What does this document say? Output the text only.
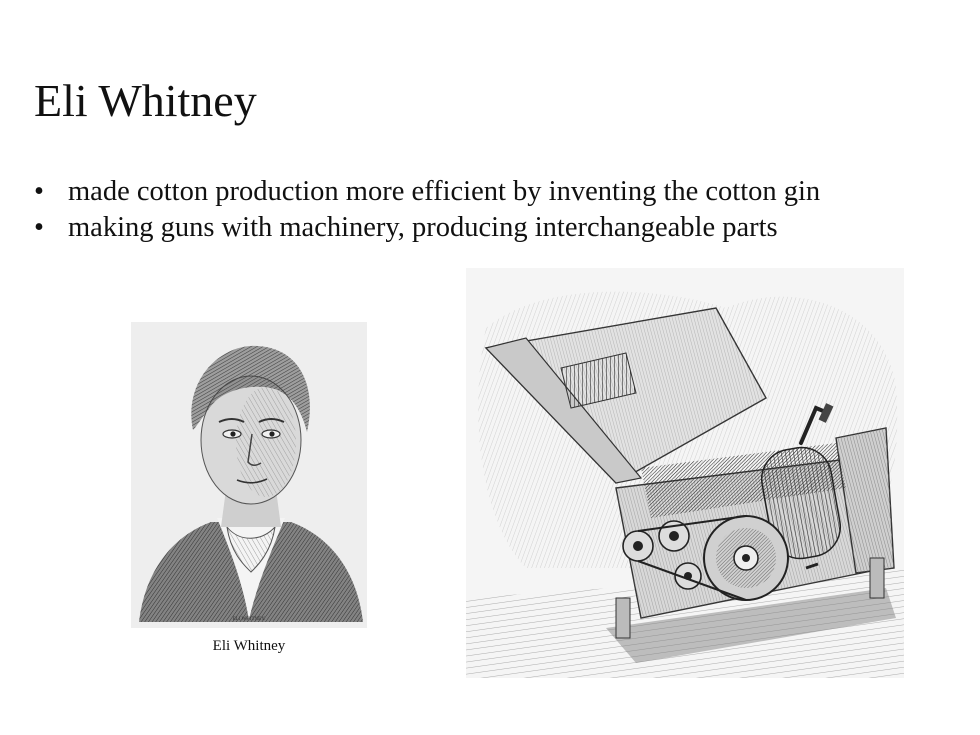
Eli Whitney
• made cotton production more efficient by inventing the cotton gin
• making guns with machinery, producing interchangeable parts
ELI WHITNEY.
Eli Whitney
